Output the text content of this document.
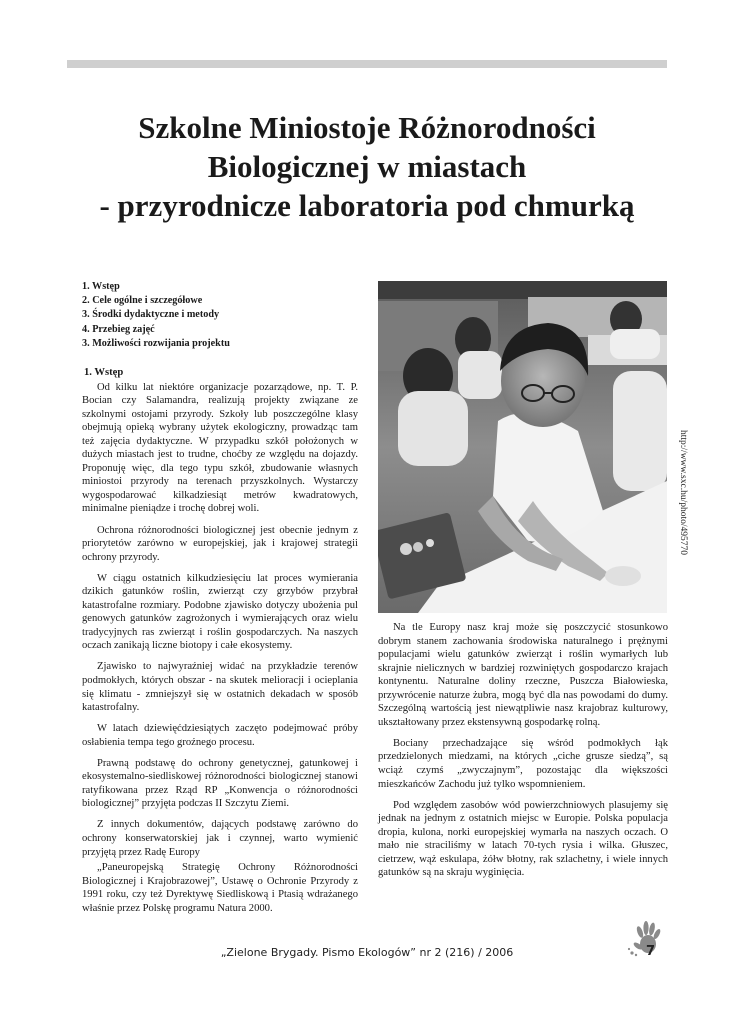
Szkolne Miniostoje Różnorodności
Biologicznej w miastach
- przyrodnicze laboratoria pod chmurką
1. Wstęp
2. Cele ogólne i szczegółowe
3. Środki dydaktyczne i metody
4. Przebieg zajęć
3. Możliwości rozwijania projektu

1. Wstęp

Od kilku lat niektóre organizacje pozarządowe, np. T. P. Bocian czy Salamandra, realizują projekty związane ze szkolnymi ostojami przyrody. Szkoły lub poszczególne klasy obejmują opieką wybrany użytek ekologiczny, prowadząc tam też zajęcia dydaktyczne. W przypadku szkół położonych w dużych miastach jest to trudne, choćby ze względu na dojazdy. Proponuję więc, dla tego typu szkół, zbudowanie własnych miniostoi przyrody na terenach przyszkolnych. Wystarczy wygospodarować kilkadziesiąt metrów kwadratowych, minimalne pieniądze i trochę dobrej woli.

Ochrona różnorodności biologicznej jest obecnie jednym z priorytetów zarówno w europejskiej, jak i krajowej strategii ochrony przyrody.

W ciągu ostatnich kilkudziesięciu lat proces wymierania dzikich gatunków roślin, zwierząt czy grzybów przybrał katastrofalne rozmiary. Podobne zjawisko dotyczy ubożenia pul genowych gatunków zagrożonych i wymierających oraz wielu tradycyjnych ras zwierząt i roślin gospodarczych. Na naszych oczach zanikają liczne biotopy i całe ekosystemy.

Zjawisko to najwyraźniej widać na przykładzie terenów podmokłych, których obszar - na skutek melioracji i ocieplania się klimatu - zmniejszył się w ostatnich dekadach w sposób katastrofalny.

W latach dziewięćdziesiątych zaczęto podejmować próby osłabienia tempa tego groźnego procesu.

Prawną podstawę do ochrony genetycznej, gatunkowej i ekosystemalno-siedliskowej różnorodności biologicznej stanowi ratyfikowana przez Rząd RP „Konwencja o różnorodności biologicznej” przyjęta podczas II Szczytu Ziemi.

Z innych dokumentów, dających podstawę zarówno do ochrony konserwatorskiej jak i czynnej, warto wymienić przyjętą przez Radę Europy

„Paneuropejską Strategię Ochrony Różnorodności Biologicznej i Krajobrazowej”, Ustawę o Ochronie Przyrody z 1991 roku, czy też Dyrektywę Siedliskową i Ptasią wdrażanego właśnie przez Polskę programu Natura 2000.

http://www.sxc.hu/photo/495770

Na tle Europy nasz kraj może się poszczycić stosunkowo dobrym stanem zachowania środowiska naturalnego i prężnymi populacjami wielu gatunków zwierząt i roślin wymarłych lub skrajnie nielicznych w bardziej rozwiniętych gospodarczo krajach kontynentu. Naturalne doliny rzeczne, Puszcza Białowieska, przywrócenie naturze żubra, mogą być dla nas powodami do dumy. Szczególną wartością jest niewątpliwie nasz krajobraz kulturowy, ukształtowany przez ekstensywną gospodarkę rolną.

Bociany przechadzające się wśród podmokłych łąk przedzielonych miedzami, na których „ciche grusze siedzą”, są wciąż czymś „zwyczajnym”, pozostając dla większości mieszkańców Zachodu już tylko wspomnieniem.

Pod względem zasobów wód powierzchniowych plasujemy się jednak na jednym z ostatnich miejsc w Europie. Polska populacja dropia, kulona, norki europejskiej wymarła na naszych oczach. O mało nie straciliśmy w latach 70-tych rysia i wilka. Głuszec, cietrzew, wąż eskulapa, żółw błotny, rak szlachetny, i wiele innych gatunków są na skraju wyginięcia.

„Zielone Brygady. Pismo Ekologów” nr 2 (216) / 2006	7
